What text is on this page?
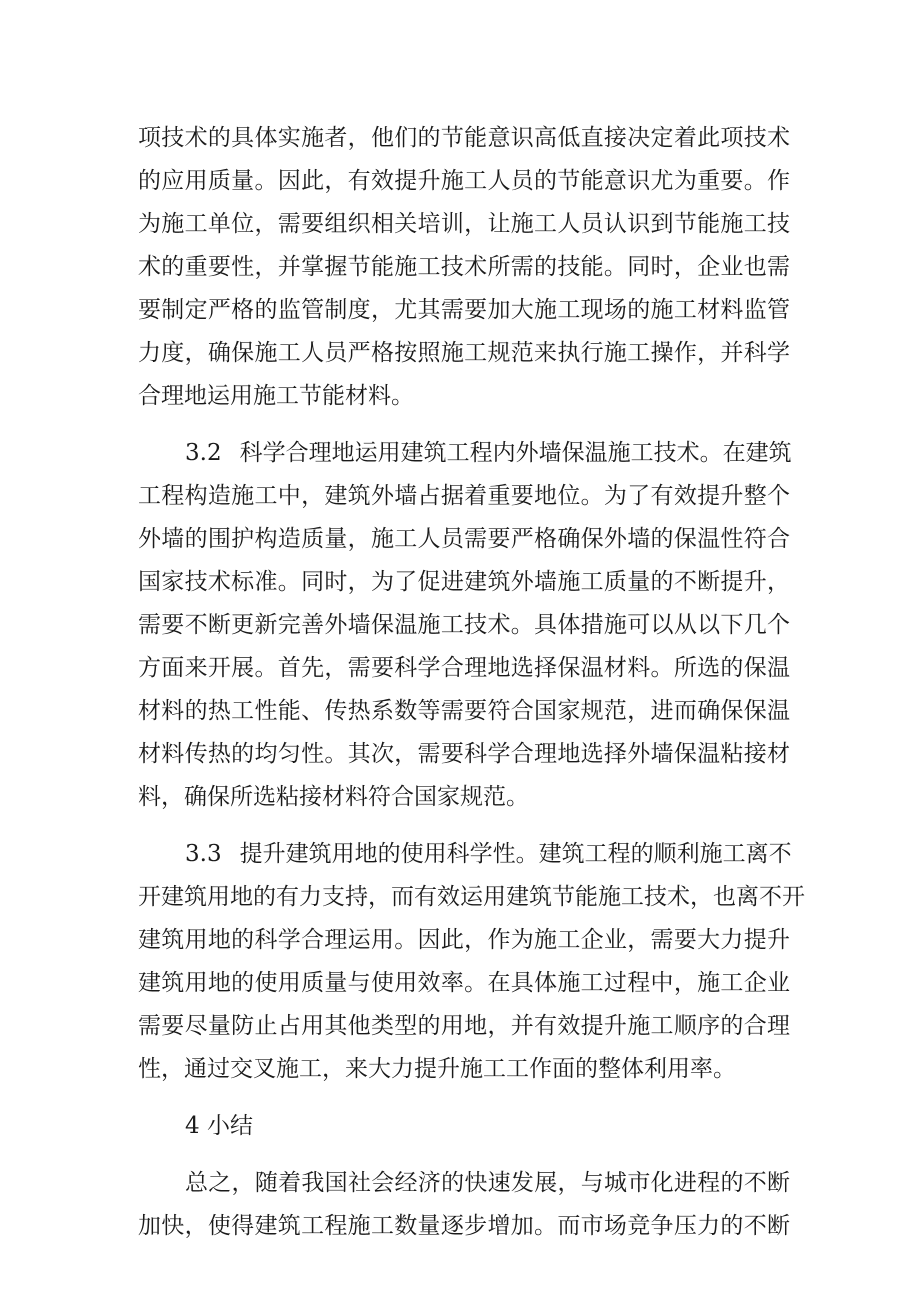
项技术的具体实施者，他们的节能意识高低直接决定着此项技术
的应用质量。因此，有效提升施工人员的节能意识尤为重要。作
为施工单位，需要组织相关培训，让施工人员认识到节能施工技
术的重要性，并掌握节能施工技术所需的技能。同时，企业也需
要制定严格的监管制度，尤其需要加大施工现场的施工材料监管
力度，确保施工人员严格按照施工规范来执行施工操作，并科学
合理地运用施工节能材料。
3.2 科学合理地运用建筑工程内外墙保温施工技术。在建筑
工程构造施工中，建筑外墙占据着重要地位。为了有效提升整个
外墙的围护构造质量，施工人员需要严格确保外墙的保温性符合
国家技术标准。同时，为了促进建筑外墙施工质量的不断提升，
需要不断更新完善外墙保温施工技术。具体措施可以从以下几个
方面来开展。首先，需要科学合理地选择保温材料。所选的保温
材料的热工性能、传热系数等需要符合国家规范，进而确保保温
材料传热的均匀性。其次，需要科学合理地选择外墙保温粘接材
料，确保所选粘接材料符合国家规范。
3.3 提升建筑用地的使用科学性。建筑工程的顺利施工离不
开建筑用地的有力支持，而有效运用建筑节能施工技术，也离不开
建筑用地的科学合理运用。因此，作为施工企业，需要大力提升
建筑用地的使用质量与使用效率。在具体施工过程中，施工企业
需要尽量防止占用其他类型的用地，并有效提升施工顺序的合理
性，通过交叉施工，来大力提升施工工作面的整体利用率。
4 小结
总之，随着我国社会经济的快速发展，与城市化进程的不断
加快，使得建筑工程施工数量逐步增加。而市场竞争压力的不断
